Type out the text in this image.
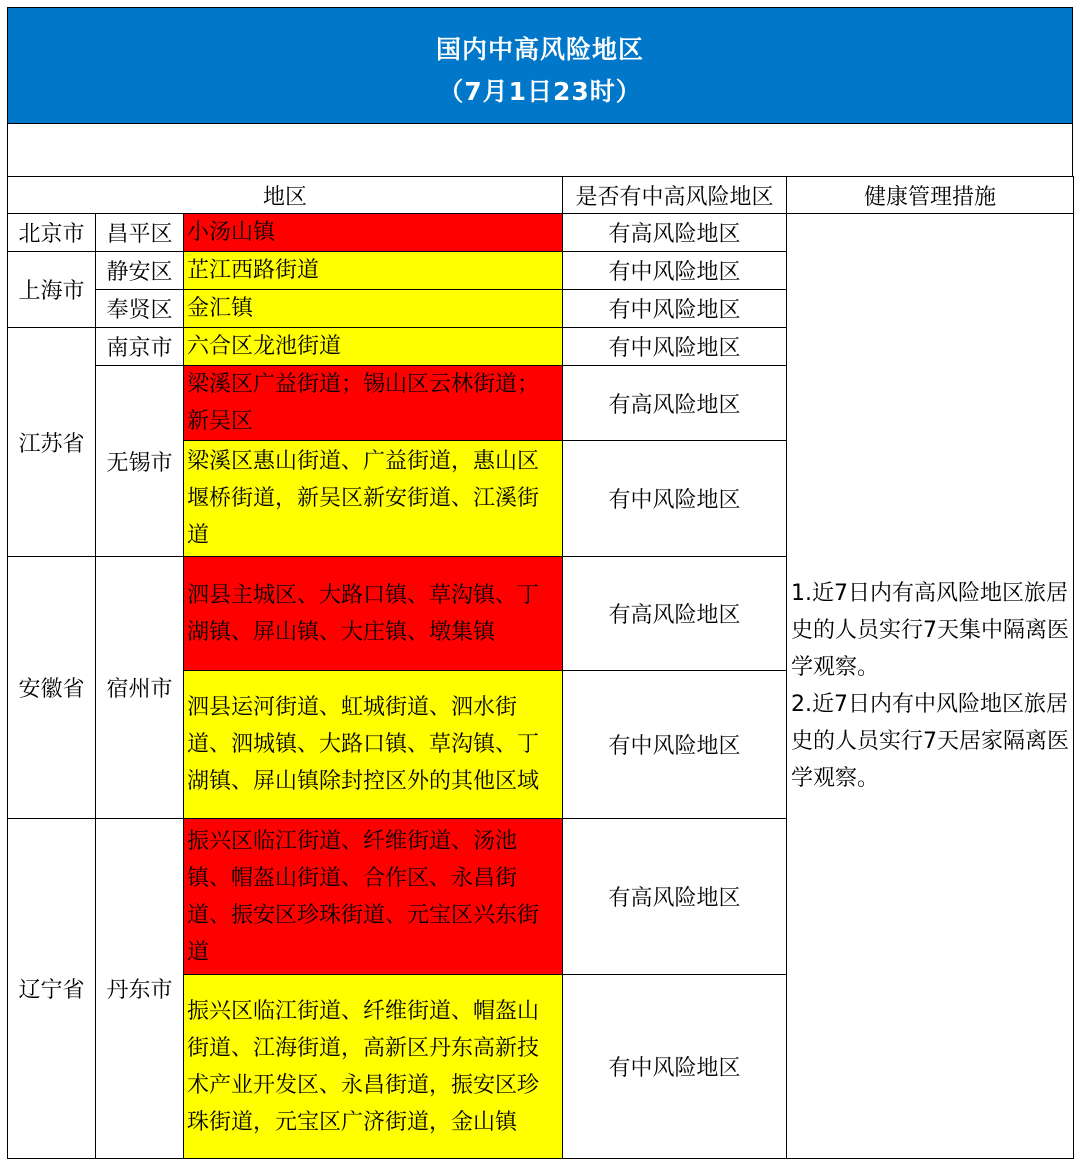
国内中高风险地区
（7月1日23时）
地区			是否有中高风险地区	健康管理措施
北京市	昌平区	小汤山镇	有高风险地区	1.近7日内有高风险地区旅居史的人员实行7天集中隔离医学观察。
2.近7日内有中风险地区旅居史的人员实行7天居家隔离医学观察。

上海市	静安区	芷江西路街道	有中风险地区	
	奉贤区	金汇镇	有中风险地区	
江苏省	南京市	六合区龙池街道	有中风险地区	
	无锡市	梁溪区广益街道；锡山区云林街道；新吴区	有高风险地区	
		梁溪区惠山街道、广益街道，惠山区堰桥街道，新吴区新安街道、江溪街道	有中风险地区	
安徽省	宿州市	泗县主城区、大路口镇、草沟镇、丁湖镇、屏山镇、大庄镇、墩集镇	有高风险地区	
		泗县运河街道、虹城街道、泗水街道、泗城镇、大路口镇、草沟镇、丁湖镇、屏山镇除封控区外的其他区域	有中风险地区	
辽宁省	丹东市	振兴区临江街道、纤维街道、汤池镇、帽盔山街道、合作区、永昌街道、振安区珍珠街道、元宝区兴东街道	有高风险地区	
		振兴区临江街道、纤维街道、帽盔山街道、江海街道，高新区丹东高新技术产业开发区、永昌街道，振安区珍珠街道，元宝区广济街道，金山镇	有中风险地区	
